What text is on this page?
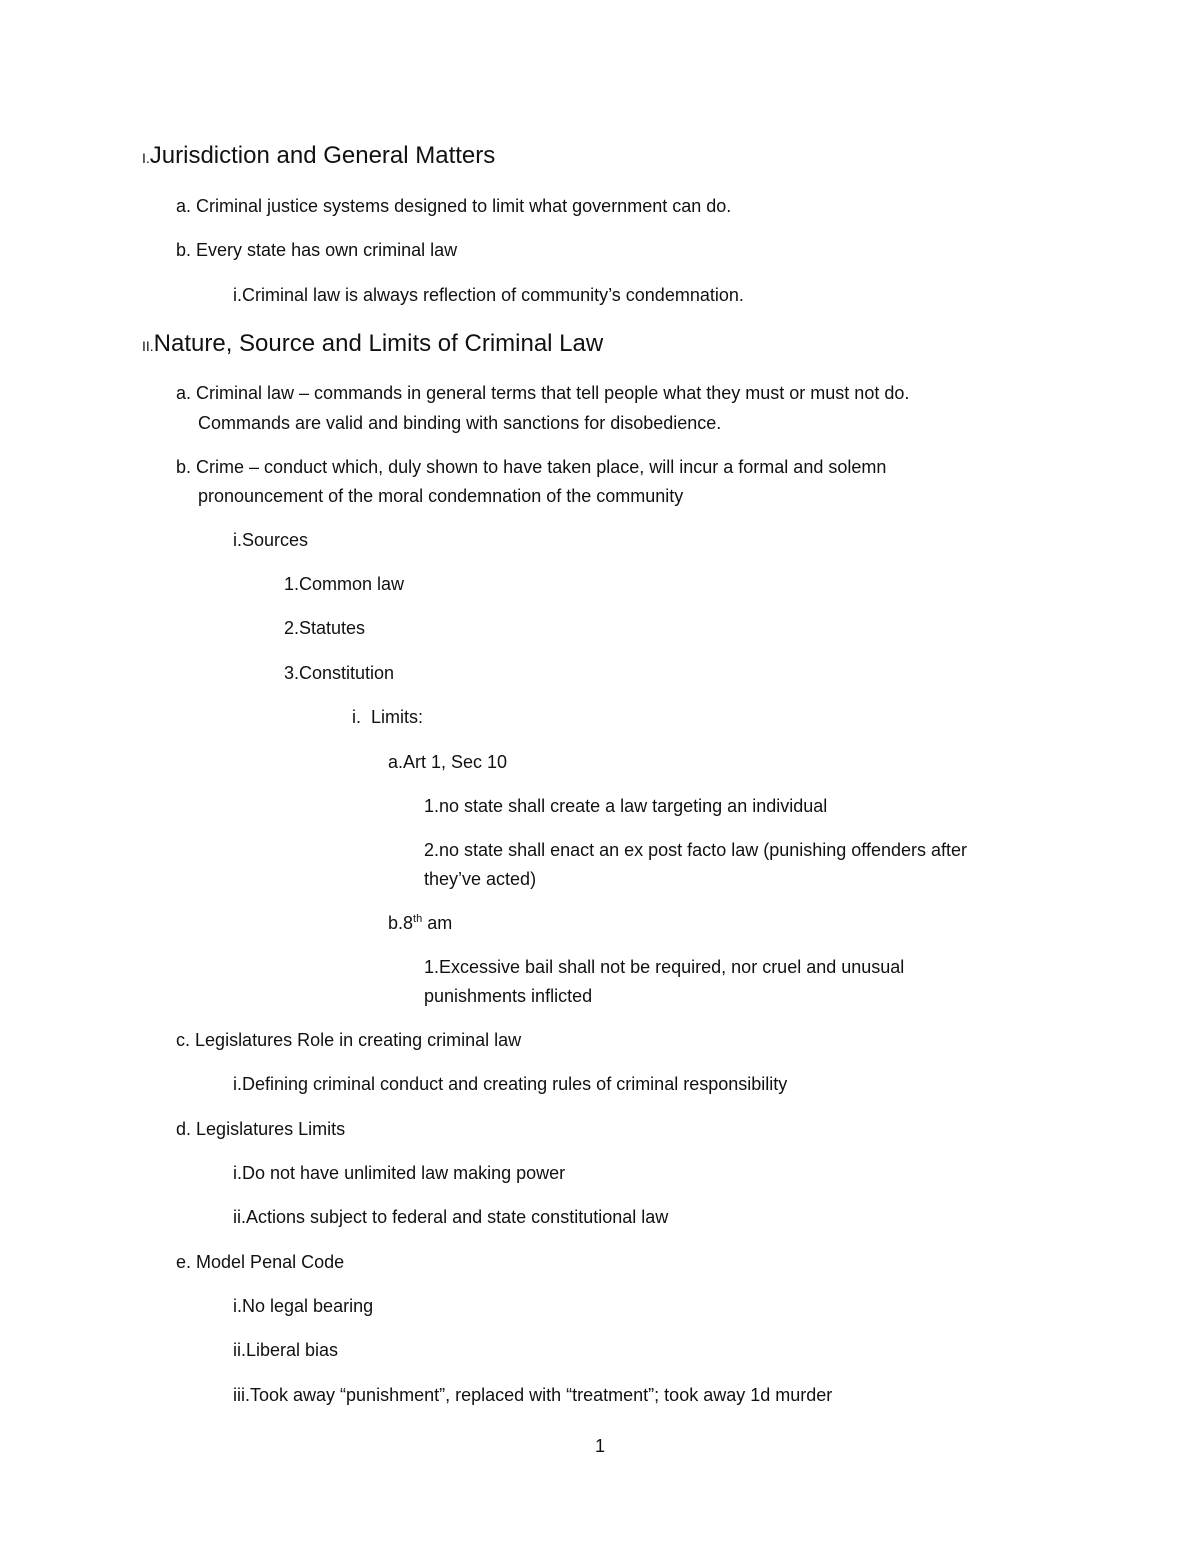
I.Jurisdiction and General Matters
a. Criminal justice systems designed to limit what government can do.
b. Every state has own criminal law
i.Criminal law is always reflection of community’s condemnation.
II.Nature, Source and Limits of Criminal Law
a. Criminal law – commands in general terms that tell people what they must or must not do.
Commands are valid and binding with sanctions for disobedience.
b. Crime – conduct which, duly shown to have taken place, will incur a formal and solemn
pronouncement of the moral condemnation of the community
i.Sources
1.Common law
2.Statutes
3.Constitution
i. Limits:
a.Art 1, Sec 10
1.no state shall create a law targeting an individual
2.no state shall enact an ex post facto law (punishing offenders after
they’ve acted)
b.8th am
1.Excessive bail shall not be required, nor cruel and unusual
punishments inflicted
c. Legislatures Role in creating criminal law
i.Defining criminal conduct and creating rules of criminal responsibility
d. Legislatures Limits
i.Do not have unlimited law making power
ii.Actions subject to federal and state constitutional law
e. Model Penal Code
i.No legal bearing
ii.Liberal bias
iii.Took away “punishment”, replaced with “treatment”; took away 1d murder
1
